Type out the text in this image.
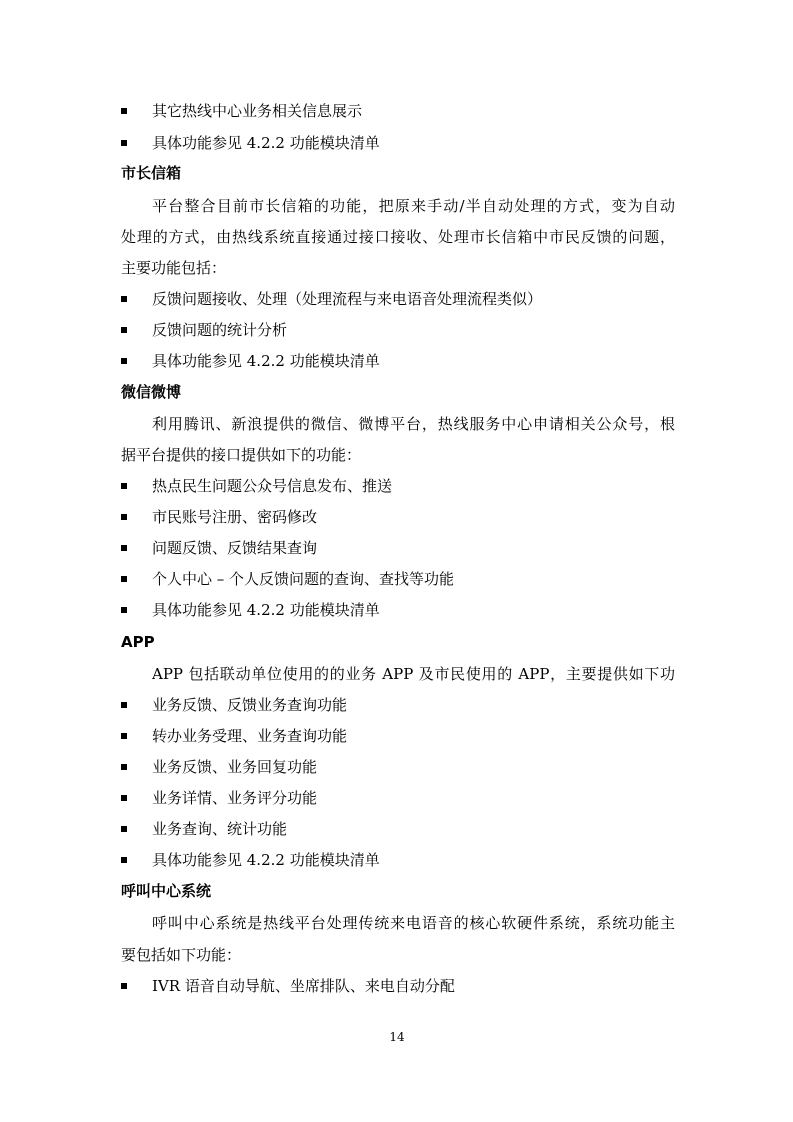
其它热线中心业务相关信息展示
具体功能参见 4.2.2 功能模块清单
市长信箱
平台整合目前市长信箱的功能，把原来手动/半自动处理的方式，变为自动
处理的方式，由热线系统直接通过接口接收、处理市长信箱中市民反馈的问题，
主要功能包括：
反馈问题接收、处理（处理流程与来电语音处理流程类似）
反馈问题的统计分析
具体功能参见 4.2.2 功能模块清单
微信微博
利用腾讯、新浪提供的微信、微博平台，热线服务中心申请相关公众号，根
据平台提供的接口提供如下的功能：
热点民生问题公众号信息发布、推送
市民账号注册、密码修改
问题反馈、反馈结果查询
个人中心 – 个人反馈问题的查询、查找等功能
具体功能参见 4.2.2 功能模块清单
APP
APP 包括联动单位使用的的业务 APP 及市民使用的 APP，主要提供如下功
业务反馈、反馈业务查询功能
转办业务受理、业务查询功能
业务反馈、业务回复功能
业务详情、业务评分功能
业务查询、统计功能
具体功能参见 4.2.2 功能模块清单
呼叫中心系统
呼叫中心系统是热线平台处理传统来电语音的核心软硬件系统，系统功能主
要包括如下功能：
IVR 语音自动导航、坐席排队、来电自动分配
14
